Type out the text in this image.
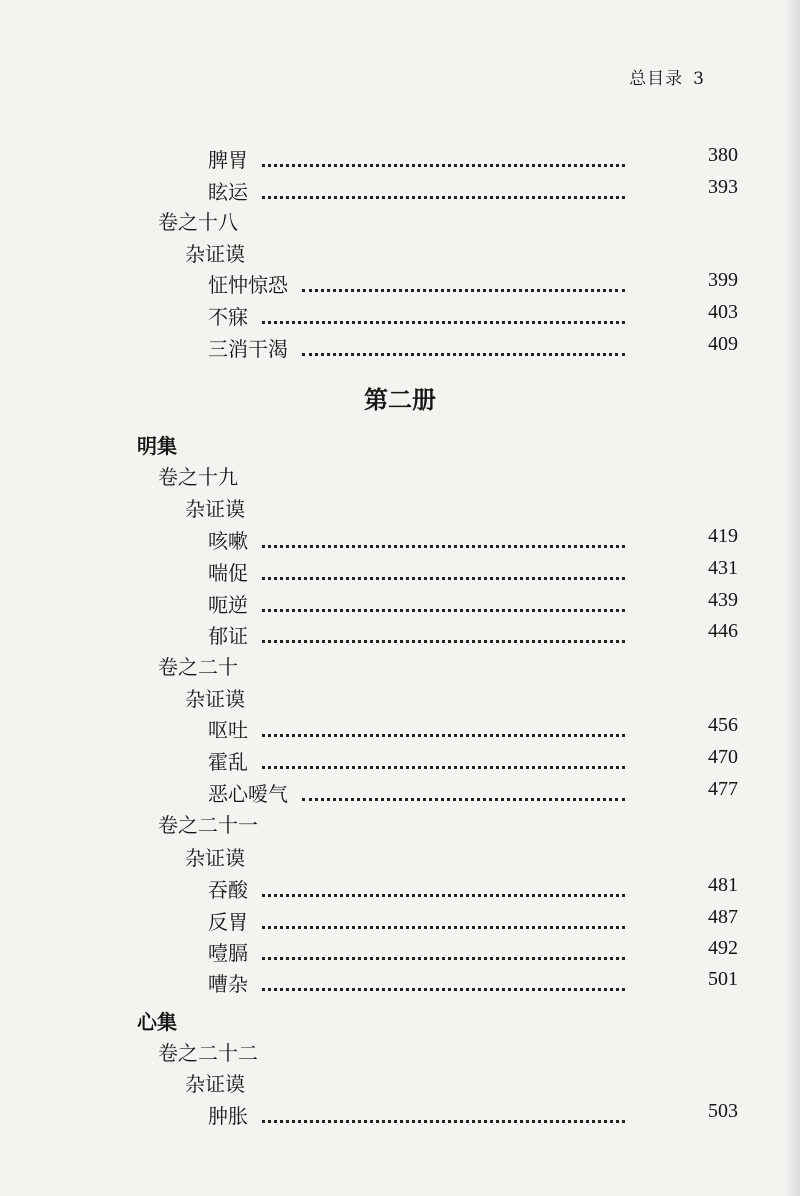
总目录 3
脾胃	380
眩运	393
卷之十八
杂证谟
怔忡惊恐	399
不寐	403
三消干渴	409
第二册
明集
卷之十九
杂证谟
咳嗽	419
喘促	431
呃逆	439
郁证	446
卷之二十
杂证谟
呕吐	456
霍乱	470
恶心嗳气	477
卷之二十一
杂证谟
吞酸	481
反胃	487
噎膈	492
嘈杂	501
心集
卷之二十二
杂证谟
肿胀	503
